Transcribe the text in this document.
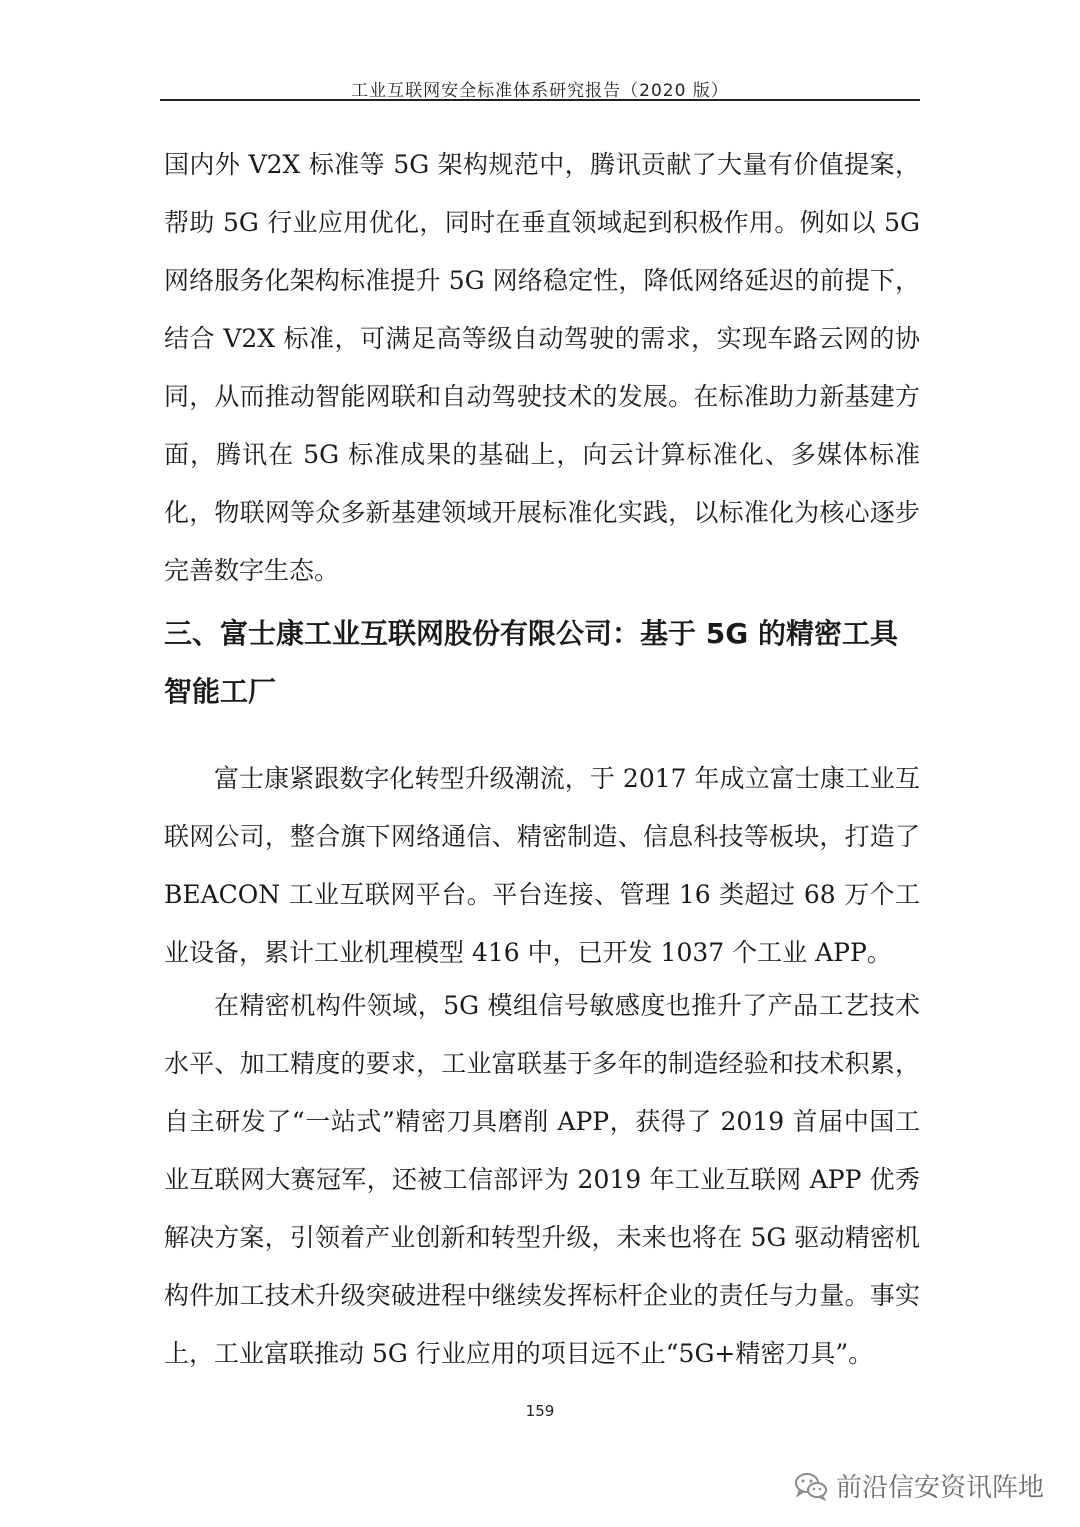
工业互联网安全标准体系研究报告（2020 版）

国内外 V2X 标准等 5G 架构规范中，腾讯贡献了大量有价值提案，帮助 5G 行业应用优化，同时在垂直领域起到积极作用。例如以 5G 网络服务化架构标准提升 5G 网络稳定性，降低网络延迟的前提下，结合 V2X 标准，可满足高等级自动驾驶的需求，实现车路云网的协同，从而推动智能网联和自动驾驶技术的发展。在标准助力新基建方面，腾讯在 5G 标准成果的基础上，向云计算标准化、多媒体标准化，物联网等众多新基建领域开展标准化实践，以标准化为核心逐步完善数字生态。

三、富士康工业互联网股份有限公司：基于 5G 的精密工具智能工厂

富士康紧跟数字化转型升级潮流，于 2017 年成立富士康工业互联网公司，整合旗下网络通信、精密制造、信息科技等板块，打造了 BEACON 工业互联网平台。平台连接、管理 16 类超过 68 万个工业设备，累计工业机理模型 416 中，已开发 1037 个工业 APP。

在精密机构件领域，5G 模组信号敏感度也推升了产品工艺技术水平、加工精度的要求，工业富联基于多年的制造经验和技术积累，自主研发了“一站式”精密刀具磨削 APP，获得了 2019 首届中国工业互联网大赛冠军，还被工信部评为 2019 年工业互联网 APP 优秀解决方案，引领着产业创新和转型升级，未来也将在 5G 驱动精密机构件加工技术升级突破进程中继续发挥标杆企业的责任与力量。事实上，工业富联推动 5G 行业应用的项目远不止“5G+精密刀具”。

159
前沿信安资讯阵地
